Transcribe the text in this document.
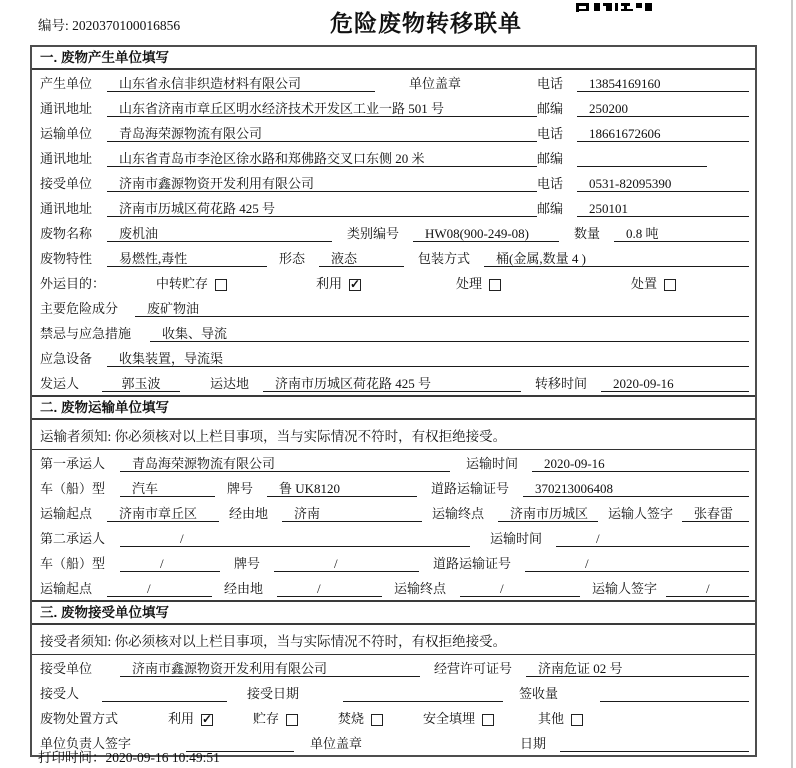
编号: 2020370100016856	危险废物转移联单
一. 废物产生单位填写
产生单位	山东省永信非织造材料有限公司	单位盖章	电话	13854169160
通讯地址	山东省济南市章丘区明水经济技术开发区工业一路 501 号	邮编	250200
运输单位	青岛海荣源物流有限公司	电话	18661672606
通讯地址	山东省青岛市李沧区徐水路和郑佛路交叉口东侧 20 米	邮编
接受单位	济南市鑫源物资开发利用有限公司	电话	0531-82095390
通讯地址	济南市历城区荷花路 425 号	邮编	250101
废物名称	废机油	类别编号	HW08(900-249-08)	数量	0.8 吨
废物特性	易燃性,毒性	形态	液态	包装方式	桶(金属,数量 4 )
外运目的：	中转贮存	利用 ✓	处理	处置
主要危险成分	废矿物油
禁忌与应急措施	收集、导流
应急设备	收集装置，导流渠
发运人	郭玉波	运达地	济南市历城区荷花路 425 号	转移时间	2020-09-16
二. 废物运输单位填写
运输者须知: 你必须核对以上栏目事项，当与实际情况不符时，有权拒绝接受。
第一承运人	青岛海荣源物流有限公司	运输时间	2020-09-16
车（船）型	汽车	牌号	鲁 UK8120	道路运输证号	370213006408
运输起点	济南市章丘区	经由地	济南	运输终点	济南市历城区	运输人签字	张春雷
第二承运人	/	运输时间	/
车（船）型	/	牌号	/	道路运输证号	/
运输起点	/	经由地	/	运输终点	/	运输人签字	/
三. 废物接受单位填写
接受者须知: 你必须核对以上栏目事项，当与实际情况不符时，有权拒绝接受。
接受单位	济南市鑫源物资开发利用有限公司	经营许可证号	济南危证 02 号
接受人	接受日期	签收量
废物处置方式	利用 ✓	贮存	焚烧	安全填埋	其他
单位负责人签字	单位盖章	日期
打印时间：2020-09-16 10:49:51
